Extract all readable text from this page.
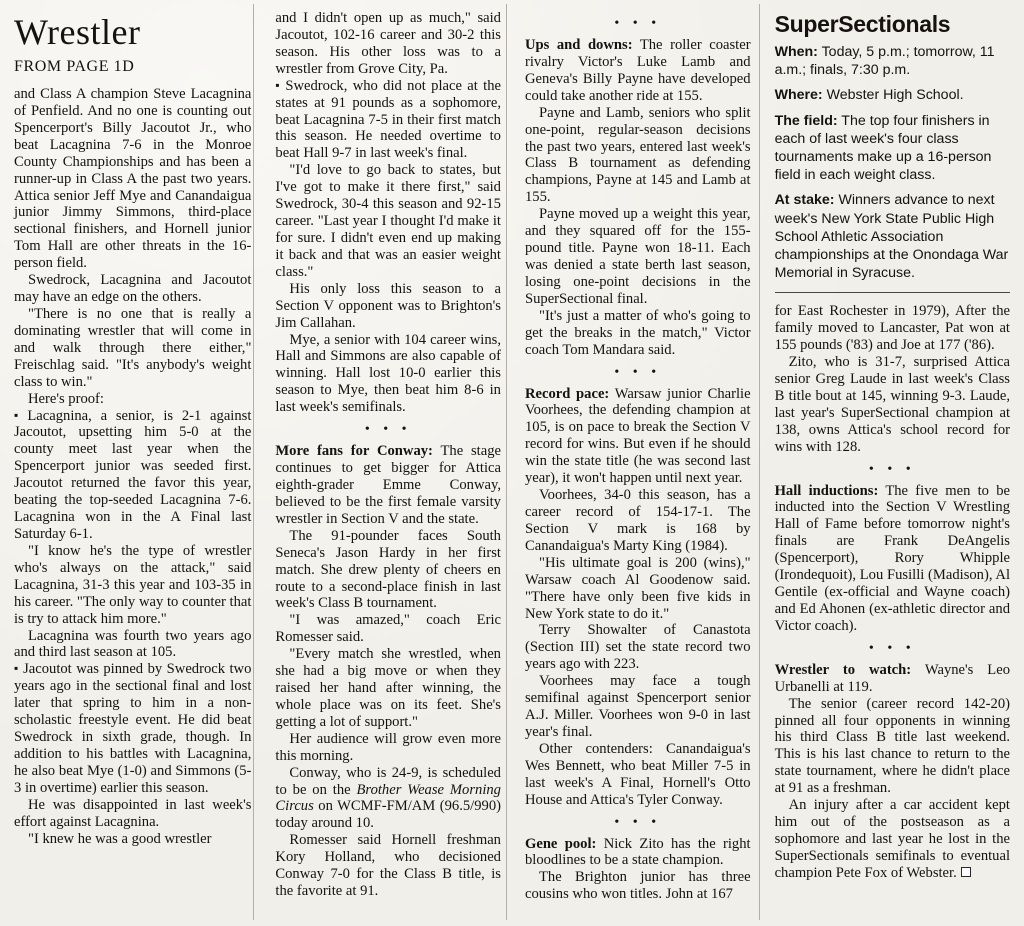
Wrestler
FROM PAGE 1D

and Class A champion Steve Lacagnina of Penfield. And no one is counting out Spencerport's Billy Jacoutot Jr., who beat Lacagnina 7-6 in the Monroe County Championships and has been a runner-up in Class A the past two years. Attica senior Jeff Mye and Canandaigua junior Jimmy Simmons, third-place sectional finishers, and Hornell junior Tom Hall are other threats in the 16-person field.

Swedrock, Lacagnina and Jacoutot may have an edge on the others.

"There is no one that is really a dominating wrestler that will come in and walk through there either," Freischlag said. "It's anybody's weight class to win."

Here's proof:

▪ Lacagnina, a senior, is 2-1 against Jacoutot, upsetting him 5-0 at the county meet last year when the Spencerport junior was seeded first. Jacoutot returned the favor this year, beating the top-seeded Lacagnina 7-6. Lacagnina won in the A Final last Saturday 6-1.

"I know he's the type of wrestler who's always on the attack," said Lacagnina, 31-3 this year and 103-35 in his career. "The only way to counter that is try to attack him more."

Lacagnina was fourth two years ago and third last season at 105.

▪ Jacoutot was pinned by Swedrock two years ago in the sectional final and lost later that spring to him in a non-scholastic freestyle event. He did beat Swedrock in sixth grade, though. In addition to his battles with Lacagnina, he also beat Mye (1-0) and Simmons (5-3 in overtime) earlier this season.

He was disappointed in last week's effort against Lacagnina.

"I knew he was a good wrestler

and I didn't open up as much," said Jacoutot, 102-16 career and 30-2 this season. His other loss was to a wrestler from Grove City, Pa.

▪ Swedrock, who did not place at the states at 91 pounds as a sophomore, beat Lacagnina 7-5 in their first match this season. He needed overtime to beat Hall 9-7 in last week's final.

"I'd love to go back to states, but I've got to make it there first," said Swedrock, 30-4 this season and 92-15 career. "Last year I thought I'd make it for sure. I didn't even end up making it back and that was an easier weight class."

His only loss this season to a Section V opponent was to Brighton's Jim Callahan.

Mye, a senior with 104 career wins, Hall and Simmons are also capable of winning. Hall lost 10-0 earlier this season to Mye, then beat him 8-6 in last week's semifinals.

• • •

More fans for Conway: The stage continues to get bigger for Attica eighth-grader Emme Conway, believed to be the first female varsity wrestler in Section V and the state.

The 91-pounder faces South Seneca's Jason Hardy in her first match. She drew plenty of cheers en route to a second-place finish in last week's Class B tournament.

"I was amazed," coach Eric Romesser said.

"Every match she wrestled, when she had a big move or when they raised her hand after winning, the whole place was on its feet. She's getting a lot of support."

Her audience will grow even more this morning.

Conway, who is 24-9, is scheduled to be on the Brother Wease Morning Circus on WCMF-FM/AM (96.5/990) today around 10.

Romesser said Hornell freshman Kory Holland, who decisioned Conway 7-0 for the Class B title, is the favorite at 91.

• • •

Ups and downs: The roller coaster rivalry Victor's Luke Lamb and Geneva's Billy Payne have developed could take another ride at 155.

Payne and Lamb, seniors who split one-point, regular-season decisions the past two years, entered last week's Class B tournament as defending champions, Payne at 145 and Lamb at 155.

Payne moved up a weight this year, and they squared off for the 155-pound title. Payne won 18-11. Each was denied a state berth last season, losing one-point decisions in the SuperSectional final.

"It's just a matter of who's going to get the breaks in the match," Victor coach Tom Mandara said.

• • •

Record pace: Warsaw junior Charlie Voorhees, the defending champion at 105, is on pace to break the Section V record for wins. But even if he should win the state title (he was second last year), it won't happen until next year.

Voorhees, 34-0 this season, has a career record of 154-17-1. The Section V mark is 168 by Canandaigua's Marty King (1984).

"His ultimate goal is 200 (wins)," Warsaw coach Al Goodenow said. "There have only been five kids in New York state to do it."

Terry Showalter of Canastota (Section III) set the state record two years ago with 223.

Voorhees may face a tough semifinal against Spencerport senior A.J. Miller. Voorhees won 9-0 in last year's final.

Other contenders: Canandaigua's Wes Bennett, who beat Miller 7-5 in last week's A Final, Hornell's Otto House and Attica's Tyler Conway.

• • •

Gene pool: Nick Zito has the right bloodlines to be a state champion.

The Brighton junior has three cousins who won titles. John at 167

SuperSectionals

When: Today, 5 p.m.; tomorrow, 11 a.m.; finals, 7:30 p.m.

Where: Webster High School.

The field: The top four finishers in each of last week's four class tournaments make up a 16-person field in each weight class.

At stake: Winners advance to next week's New York State Public High School Athletic Association championships at the Onondaga War Memorial in Syracuse.

for East Rochester in 1979), After the family moved to Lancaster, Pat won at 155 pounds ('83) and Joe at 177 ('86).

Zito, who is 31-7, surprised Attica senior Greg Laude in last week's Class B title bout at 145, winning 9-3. Laude, last year's SuperSectional champion at 138, owns Attica's school record for wins with 128.

• • •

Hall inductions: The five men to be inducted into the Section V Wrestling Hall of Fame before tomorrow night's finals are Frank DeAngelis (Spencerport), Rory Whipple (Irondequoit), Lou Fusilli (Madison), Al Gentile (ex-official and Wayne coach) and Ed Ahonen (ex-athletic director and Victor coach).

• • •

Wrestler to watch: Wayne's Leo Urbanelli at 119.

The senior (career record 142-20) pinned all four opponents in winning his third Class B title last weekend. This is his last chance to return to the state tournament, where he didn't place at 91 as a freshman.

An injury after a car accident kept him out of the postseason as a sophomore and last year he lost in the SuperSectionals semifinals to eventual champion Pete Fox of Webster.
